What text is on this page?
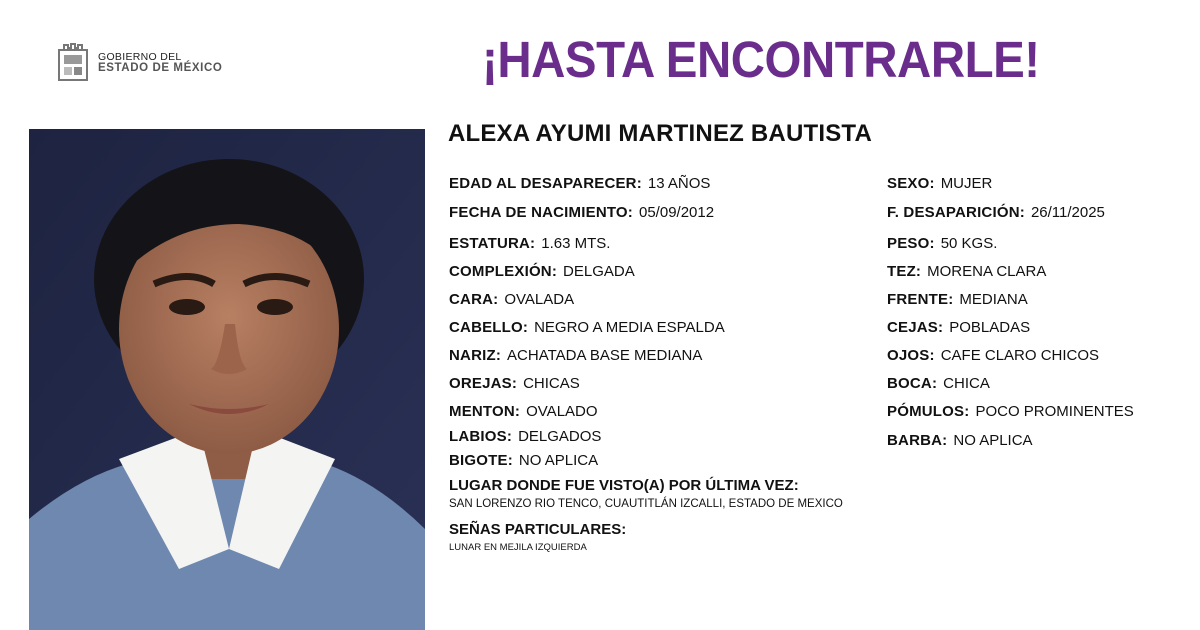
GOBIERNO DEL
ESTADO DE MÉXICO	¡HASTA ENCONTRARLE!
ALEXA AYUMI MARTINEZ BAUTISTA
EDAD AL DESAPARECER: 13 AÑOS
FECHA DE NACIMIENTO: 05/09/2012
ESTATURA: 1.63 MTS.
COMPLEXIÓN: DELGADA
CARA: OVALADA
CABELLO: NEGRO A MEDIA ESPALDA
NARIZ: ACHATADA BASE MEDIANA
OREJAS: CHICAS
MENTON: OVALADO
LABIOS: DELGADOS
BIGOTE: NO APLICA
SEXO: MUJER
F. DESAPARICIÓN: 26/11/2025
PESO: 50 KGS.
TEZ: MORENA CLARA
FRENTE: MEDIANA
CEJAS: POBLADAS
OJOS: CAFE CLARO CHICOS
BOCA: CHICA
PÓMULOS: POCO PROMINENTES
BARBA: NO APLICA
LUGAR DONDE FUE VISTO(A) POR ÚLTIMA VEZ:
SAN LORENZO RIO TENCO, CUAUTITLÁN IZCALLI, ESTADO DE MEXICO
SEÑAS PARTICULARES:
LUNAR EN MEJILA IZQUIERDA
